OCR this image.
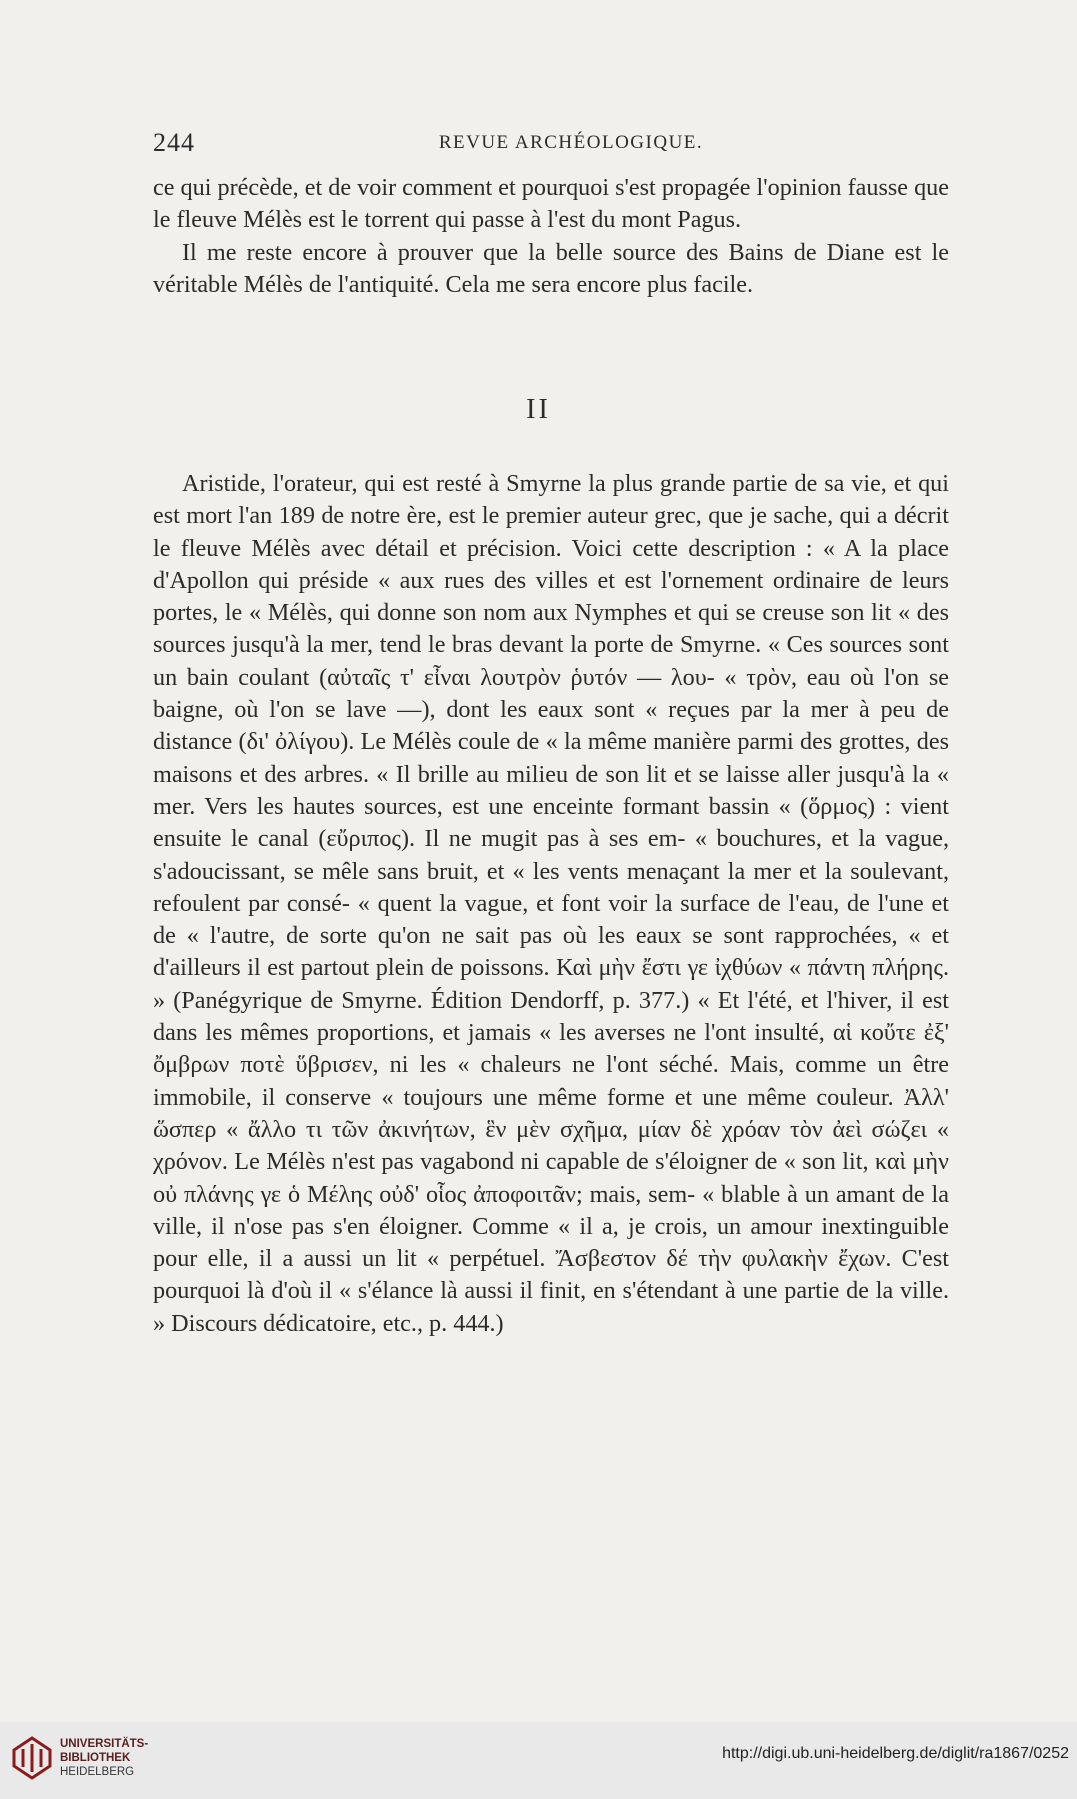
244	REVUE ARCHÉOLOGIQUE.

ce qui précède, et de voir comment et pourquoi s'est propagée l'opinion fausse que le fleuve Mélès est le torrent qui passe à l'est du mont Pagus.

Il me reste encore à prouver que la belle source des Bains de Diane est le véritable Mélès de l'antiquité. Cela me sera encore plus facile.

II

Aristide, l'orateur, qui est resté à Smyrne la plus grande partie de sa vie, et qui est mort l'an 189 de notre ère, est le premier auteur grec, que je sache, qui a décrit le fleuve Mélès avec détail et précision. Voici cette description : « A la place d'Apollon qui préside « aux rues des villes et est l'ornement ordinaire de leurs portes, le « Mélès, qui donne son nom aux Nymphes et qui se creuse son lit « des sources jusqu'à la mer, tend le bras devant la porte de Smyrne. « Ces sources sont un bain coulant (αὐταῖς τ' εἶναι λουτρὸν ῥυτόν — λου- « τρὸν, eau où l'on se baigne, où l'on se lave —), dont les eaux sont « reçues par la mer à peu de distance (δι' ὀλίγου). Le Mélès coule de « la même manière parmi des grottes, des maisons et des arbres. « Il brille au milieu de son lit et se laisse aller jusqu'à la « mer. Vers les hautes sources, est une enceinte formant bassin « (ὅρμος) : vient ensuite le canal (εὔριπος). Il ne mugit pas à ses em- « bouchures, et la vague, s'adoucissant, se mêle sans bruit, et « les vents menaçant la mer et la soulevant, refoulent par consé- « quent la vague, et font voir la surface de l'eau, de l'une et de « l'autre, de sorte qu'on ne sait pas où les eaux se sont rapprochées, « et d'ailleurs il est partout plein de poissons. Καὶ μὴν ἔστι γε ἰχθύων « πάντη πλήρης. » (Panégyrique de Smyrne. Édition Dendorff, p. 377.) « Et l'été, et l'hiver, il est dans les mêmes proportions, et jamais « les averses ne l'ont insulté, αἱ κοὔτε ἐξ' ὄμβρων ποτὲ ὕβρισεν, ni les « chaleurs ne l'ont séché. Mais, comme un être immobile, il conserve « toujours une même forme et une même couleur. Ἀλλ' ὥσπερ « ἄλλο τι τῶν ἀκινήτων, ἓν μὲν σχῆμα, μίαν δὲ χρόαν τὸν ἀεὶ σώζει « χρόνον. Le Mélès n'est pas vagabond ni capable de s'éloigner de « son lit, καὶ μὴν οὐ πλάνης γε ὁ Μέλης οὐδ' οἷος ἀποφοιτᾶν; mais, sem- « blable à un amant de la ville, il n'ose pas s'en éloigner. Comme « il a, je crois, un amour inextinguible pour elle, il a aussi un lit « perpétuel. Ἄσβεστον δέ τὴν φυλακὴν ἔχων. C'est pourquoi là d'où il « s'élance là aussi il finit, en s'étendant à une partie de la ville. » Discours dédicatoire, etc., p. 444.)

UNIVERSITÄTS-
BIBLIOTHEK
HEIDELBERG
http://digi.ub.uni-heidelberg.de/diglit/ra1867/0252
